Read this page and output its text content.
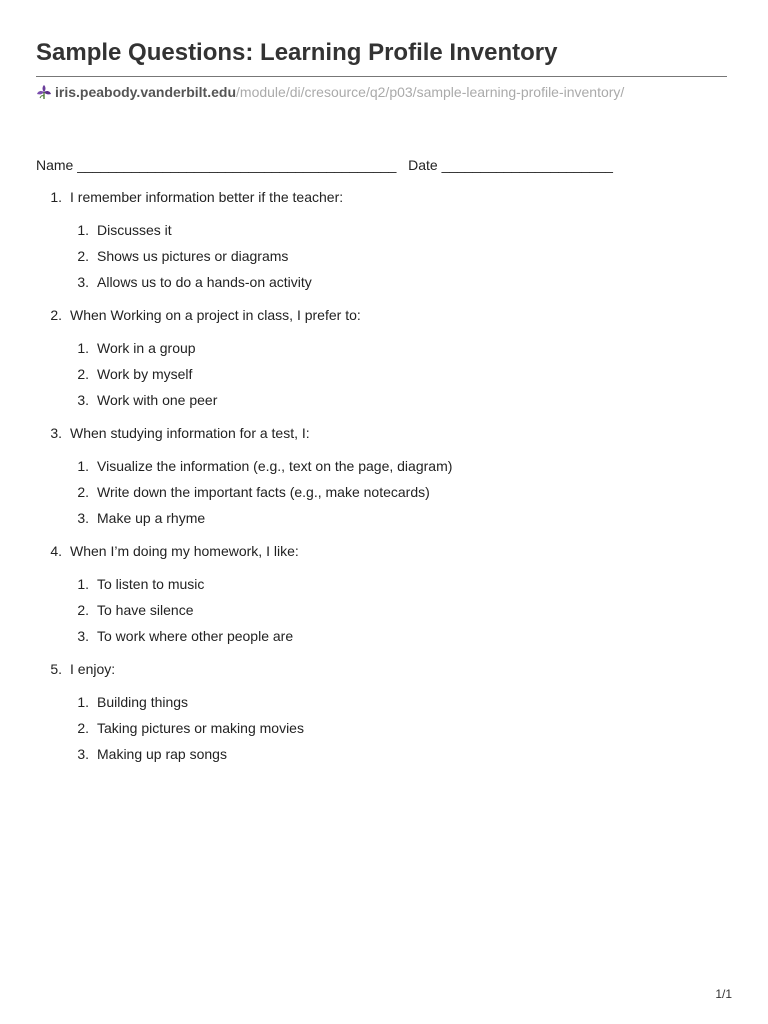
Sample Questions: Learning Profile Inventory
iris.peabody.vanderbilt.edu /module/di/cresource/q2/p03/sample-learning-profile-inventory/
Name _________________________________________   Date ______________________
1. I remember information better if the teacher:
1. Discusses it
2. Shows us pictures or diagrams
3. Allows us to do a hands-on activity
2. When Working on a project in class, I prefer to:
1. Work in a group
2. Work by myself
3. Work with one peer
3. When studying information for a test, I:
1. Visualize the information (e.g., text on the page, diagram)
2. Write down the important facts (e.g., make notecards)
3. Make up a rhyme
4. When I’m doing my homework, I like:
1. To listen to music
2. To have silence
3. To work where other people are
5. I enjoy:
1. Building things
2. Taking pictures or making movies
3. Making up rap songs
1/1
